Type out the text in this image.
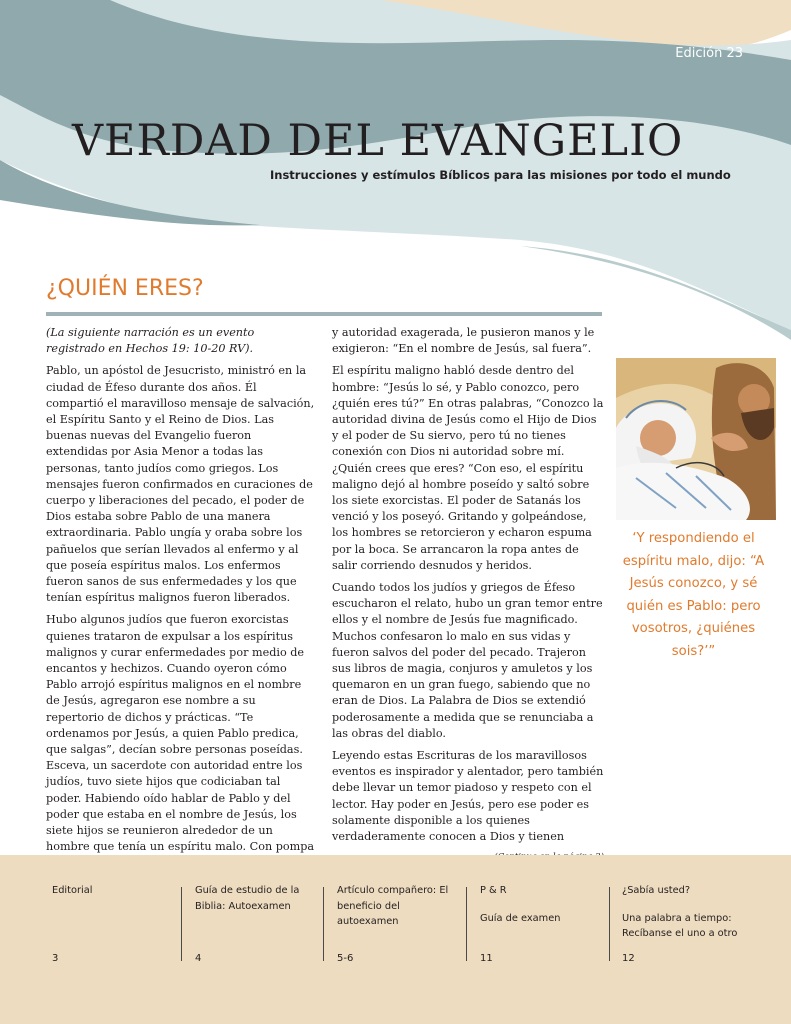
Edición 23
VERDAD DEL EVANGELIO
Instrucciones y estímulos Bíblicos para las misiones por todo el mundo
¿QUIÉN ERES?

(La siguiente narración es un evento registrado en Hechos 19: 10-20 RV).

Pablo, un apóstol de Jesucristo, ministró en la ciudad de Éfeso durante dos años. Él compartió el maravilloso mensaje de salvación, el Espíritu Santo y el Reino de Dios. Las buenas nuevas del Evangelio fueron extendidas por Asia Menor a todas las personas, tanto judíos como griegos. Los mensajes fueron confirmados en curaciones de cuerpo y liberaciones del pecado, el poder de Dios estaba sobre Pablo de una manera extraordinaria. Pablo ungía y oraba sobre los pañuelos que serían llevados al enfermo y al que poseía espíritus malos. Los enfermos fueron sanos de sus enfermedades y los que tenían espíritus malignos fueron liberados.

Hubo algunos judíos que fueron exorcistas quienes trataron de expulsar a los espíritus malignos y curar enfermedades por medio de encantos y hechizos. Cuando oyeron cómo Pablo arrojó espíritus malignos en el nombre de Jesús, agregaron ese nombre a su repertorio de dichos y prácticas. “Te ordenamos por Jesús, a quien Pablo predica, que salgas”, decían sobre personas poseídas. Esceva, un sacerdote con autoridad entre los judíos, tuvo siete hijos que codiciaban tal poder. Habiendo oído hablar de Pablo y del poder que estaba en el nombre de Jesús, los siete hijos se reunieron alrededor de un hombre que tenía un espíritu malo. Con pompa

y autoridad exagerada, le pusieron manos y le exigieron: “En el nombre de Jesús, sal fuera”.

El espíritu maligno habló desde dentro del hombre: “Jesús lo sé, y Pablo conozco, pero ¿quién eres tú?” En otras palabras, “Conozco la autoridad divina de Jesús como el Hijo de Dios y el poder de Su siervo, pero tú no tienes conexión con Dios ni autoridad sobre mí. ¿Quién crees que eres? “Con eso, el espíritu maligno dejó al hombre poseído y saltó sobre los siete exorcistas. El poder de Satanás los venció y los poseyó. Gritando y golpeándose, los hombres se retorcieron y echaron espuma por la boca. Se arrancaron la ropa antes de salir corriendo desnudos y heridos.

Cuando todos los judíos y griegos de Éfeso escucharon el relato, hubo un gran temor entre ellos y el nombre de Jesús fue magnificado. Muchos confesaron lo malo en sus vidas y fueron salvos del poder del pecado. Trajeron sus libros de magia, conjuros y amuletos y los quemaron en un gran fuego, sabiendo que no eran de Dios. La Palabra de Dios se extendió poderosamente a medida que se renunciaba a las obras del diablo.

Leyendo estas Escrituras de los maravillosos eventos es inspirador y alentador, pero también debe llevar un temor piadoso y respeto con el lector. Hay poder en Jesús, pero ese poder es solamente disponible a los quienes verdaderamente conocen a Dios y tienen

‘Y respondiendo el espíritu malo, dijo: “A Jesús conozco, y sé quién es Pablo: pero vosotros, ¿quiénes sois?’”
Editorial
3
Guía de estudio de la Biblia: Autoexamen
4
Artículo compañero: El beneficio del autoexamen
5-6
P & R
Guía de examen
11
¿Sabía usted?
Una palabra a tiempo: Recíbanse el uno a otro
12
